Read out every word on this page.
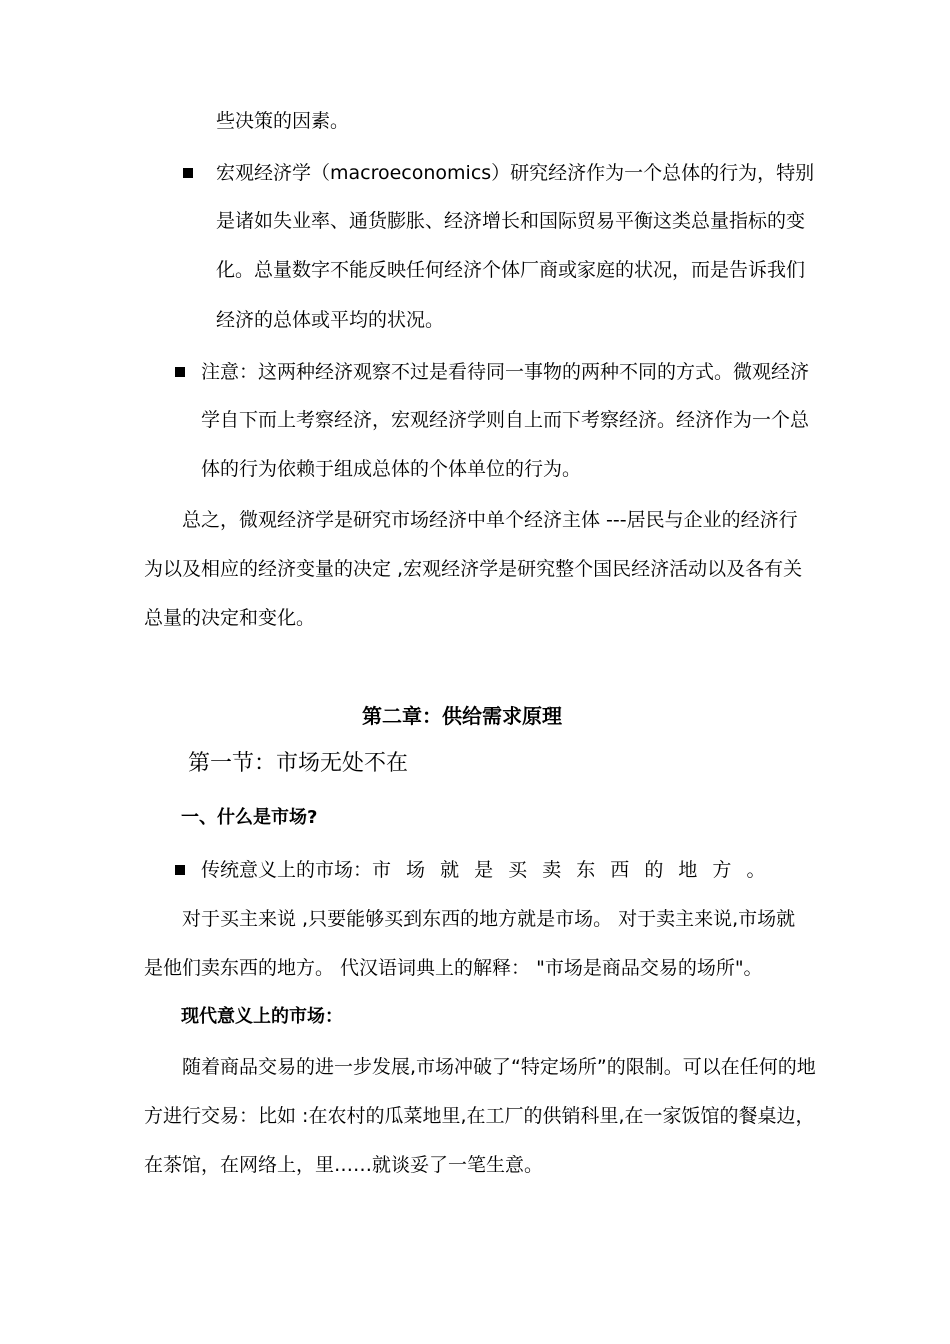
些决策的因素。
宏观经济学（macroeconomics）研究经济作为一个总体的行为，特别
是诸如失业率、通货膨胀、经济增长和国际贸易平衡这类总量指标的变
化。总量数字不能反映任何经济个体厂商或家庭的状况，而是告诉我们
经济的总体或平均的状况。
注意：这两种经济观察不过是看待同一事物的两种不同的方式。微观经济
学自下而上考察经济，宏观经济学则自上而下考察经济。经济作为一个总
体的行为依赖于组成总体的个体单位的行为。
总之，微观经济学是研究市场经济中单个经济主体 ---居民与企业的经济行
为以及相应的经济变量的决定 ,宏观经济学是研究整个国民经济活动以及各有关
总量的决定和变化。
第二章：供给需求原理
第一节：市场无处不在
一、什么是市场?
传统意义上的市场：市 场 就 是 买 卖 东 西 的 地 方 。
对于买主来说 ,只要能够买到东西的地方就是市场。 对于卖主来说,市场就
是他们卖东西的地方。 代汉语词典上的解释： "市场是商品交易的场所"。
现代意义上的市场：
随着商品交易的进一步发展,市场冲破了“特定场所”的限制。可以在任何的地
方进行交易：比如 :在农村的瓜菜地里,在工厂的供销科里,在一家饭馆的餐桌边，
在茶馆，在网络上，里……就谈妥了一笔生意。
